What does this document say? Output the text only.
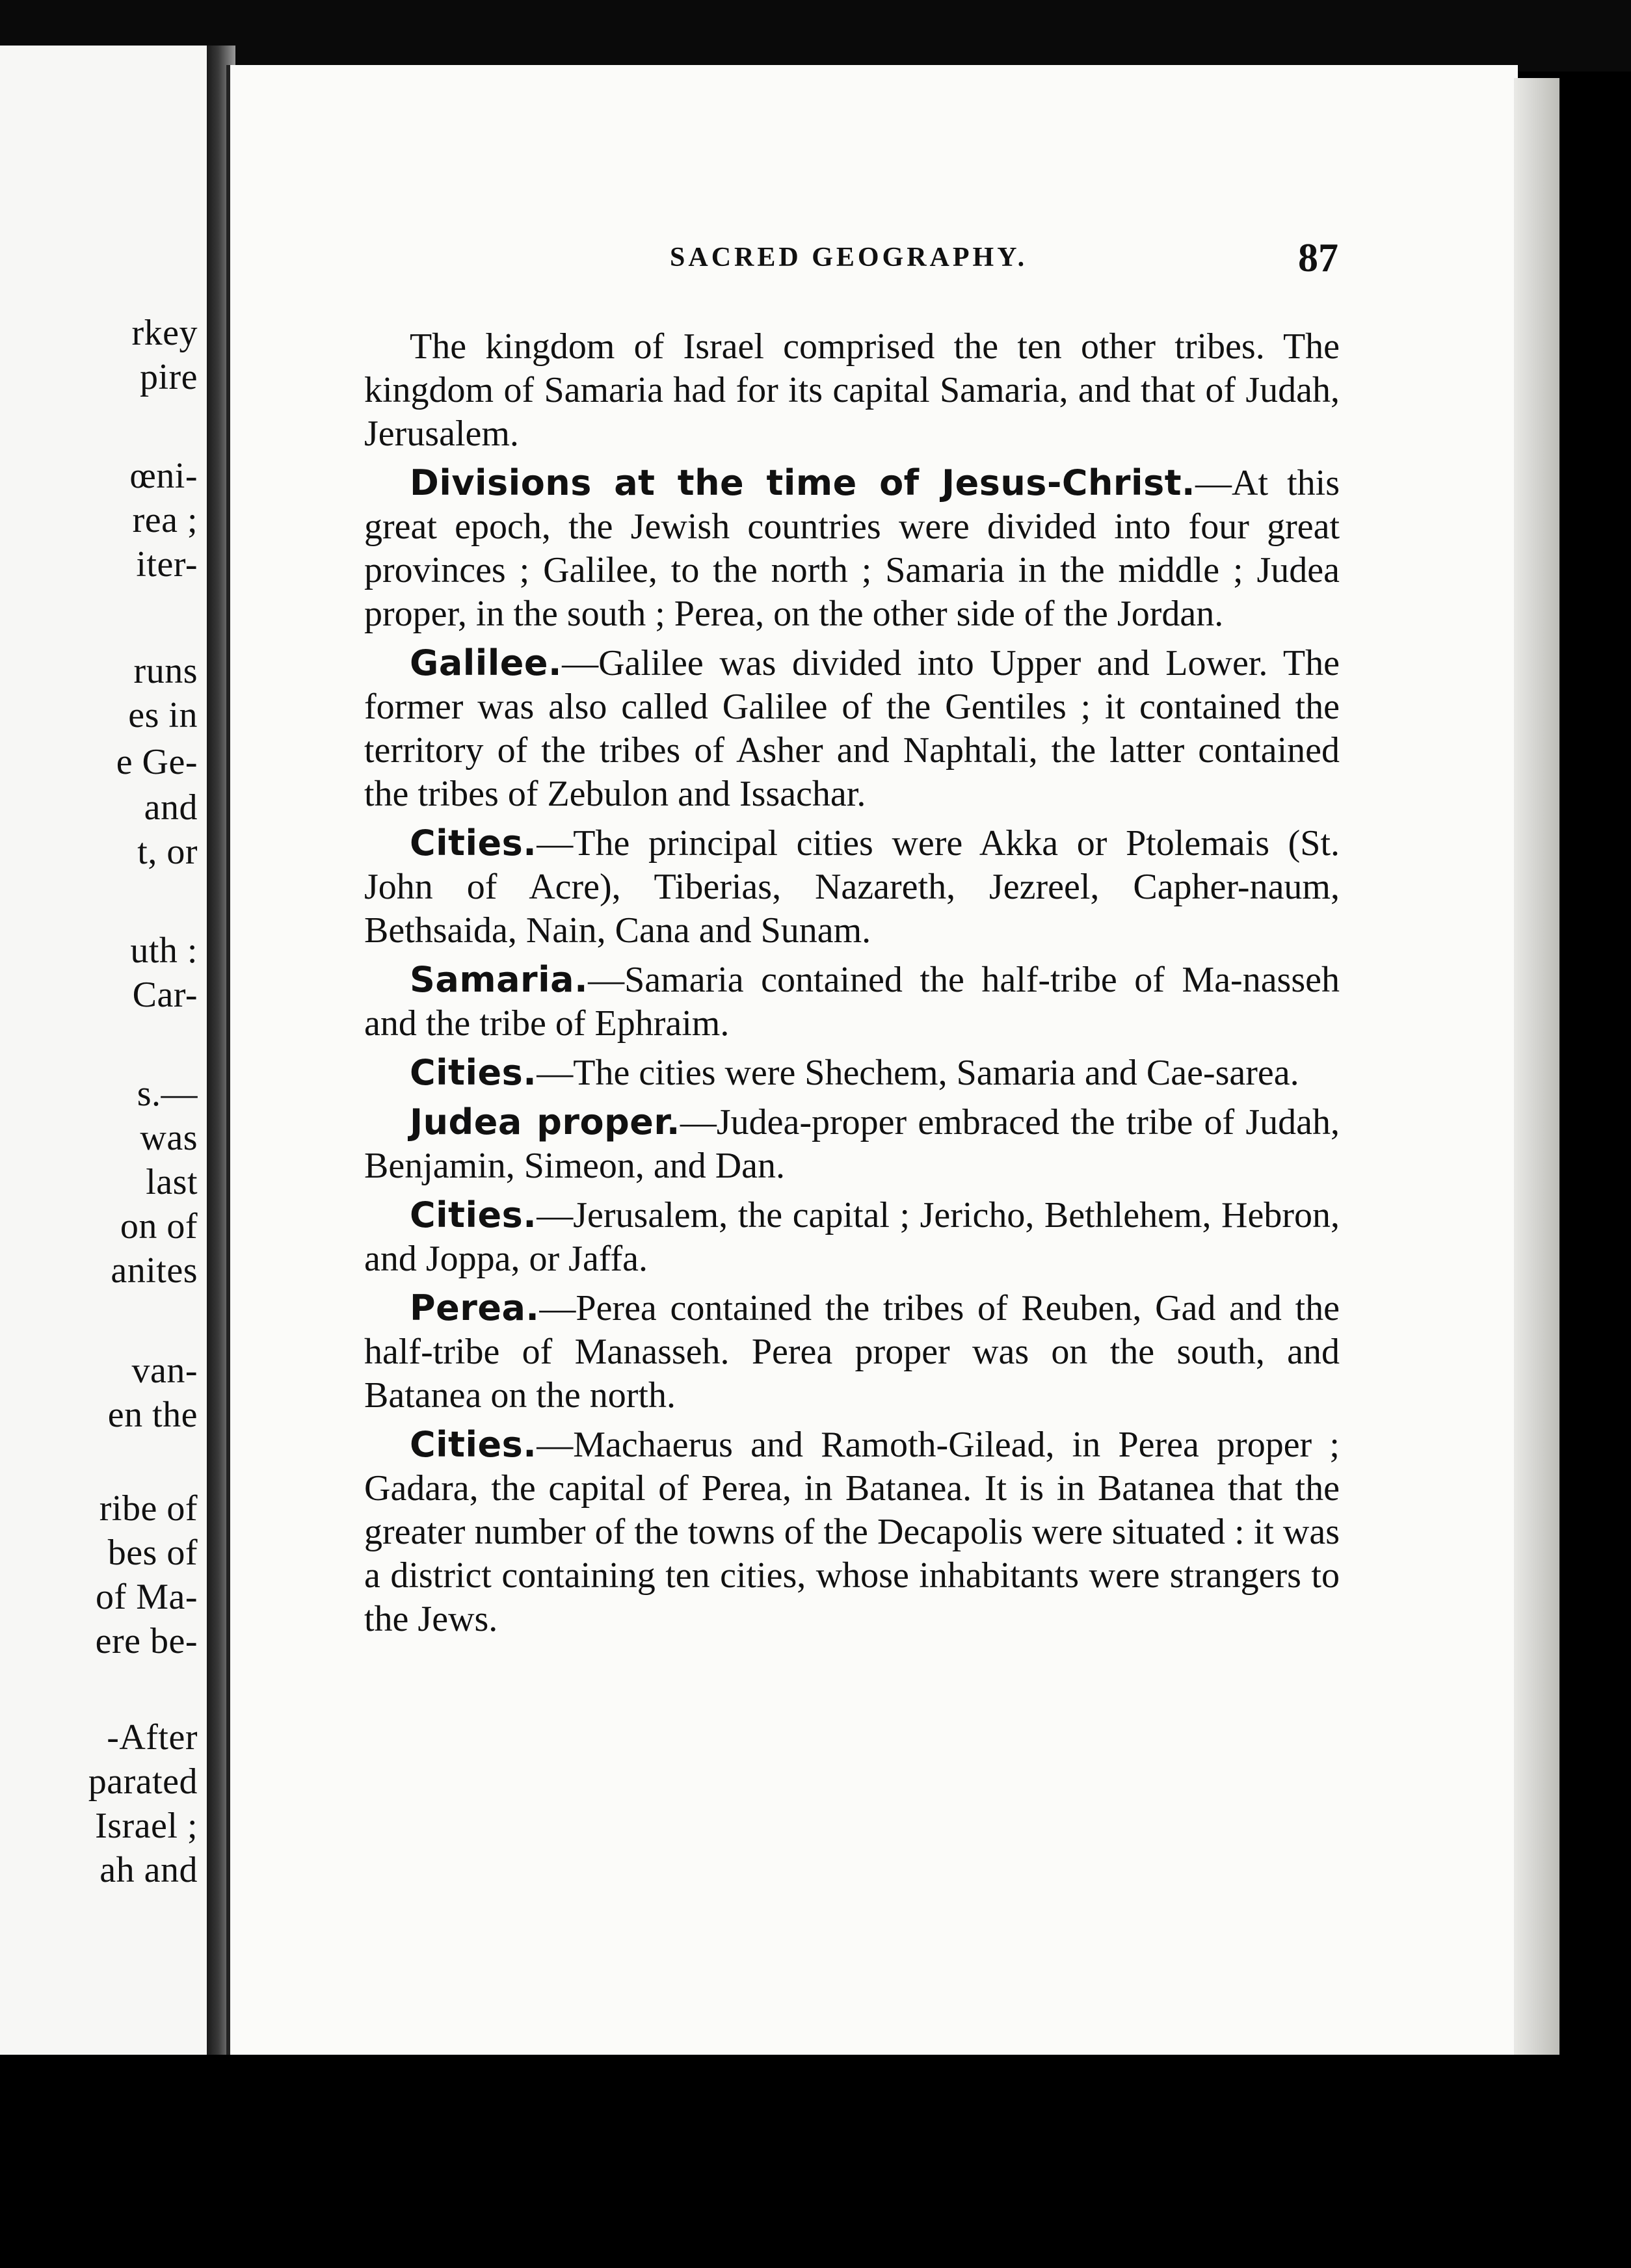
rkey
pire
œni-
rea ;
iter-
runs
es in
e Ge-
and
t, or
uth :
Car-
s.—
was
last
on of
anites
van-
en the
ribe of
bes of
of Ma-
ere be-
-After
parated
Israel ;
ah and
SACRED GEOGRAPHY.	87

The kingdom of Israel comprised the ten other tribes. The kingdom of Samaria had for its capital Samaria, and that of Judah, Jerusalem.

Divisions at the time of Jesus-Christ.—At this great epoch, the Jewish countries were divided into four great provinces ; Galilee, to the north ; Samaria in the middle ; Judea proper, in the south ; Perea, on the other side of the Jordan.

Galilee.—Galilee was divided into Upper and Lower. The former was also called Galilee of the Gentiles ; it contained the territory of the tribes of Asher and Naphtali, the latter contained the tribes of Zebulon and Issachar.

Cities.—The principal cities were Akka or Ptolemais (St. John of Acre), Tiberias, Nazareth, Jezreel, Capher-naum, Bethsaida, Nain, Cana and Sunam.

Samaria.—Samaria contained the half-tribe of Ma-nasseh and the tribe of Ephraim.

Cities.—The cities were Shechem, Samaria and Cae-sarea.

Judea proper.—Judea-proper embraced the tribe of Judah, Benjamin, Simeon, and Dan.

Cities.—Jerusalem, the capital ; Jericho, Bethlehem, Hebron, and Joppa, or Jaffa.

Perea.—Perea contained the tribes of Reuben, Gad and the half-tribe of Manasseh. Perea proper was on the south, and Batanea on the north.

Cities.—Machaerus and Ramoth-Gilead, in Perea proper ; Gadara, the capital of Perea, in Batanea. It is in Batanea that the greater number of the towns of the Decapolis were situated : it was a district containing ten cities, whose inhabitants were strangers to the Jews.
